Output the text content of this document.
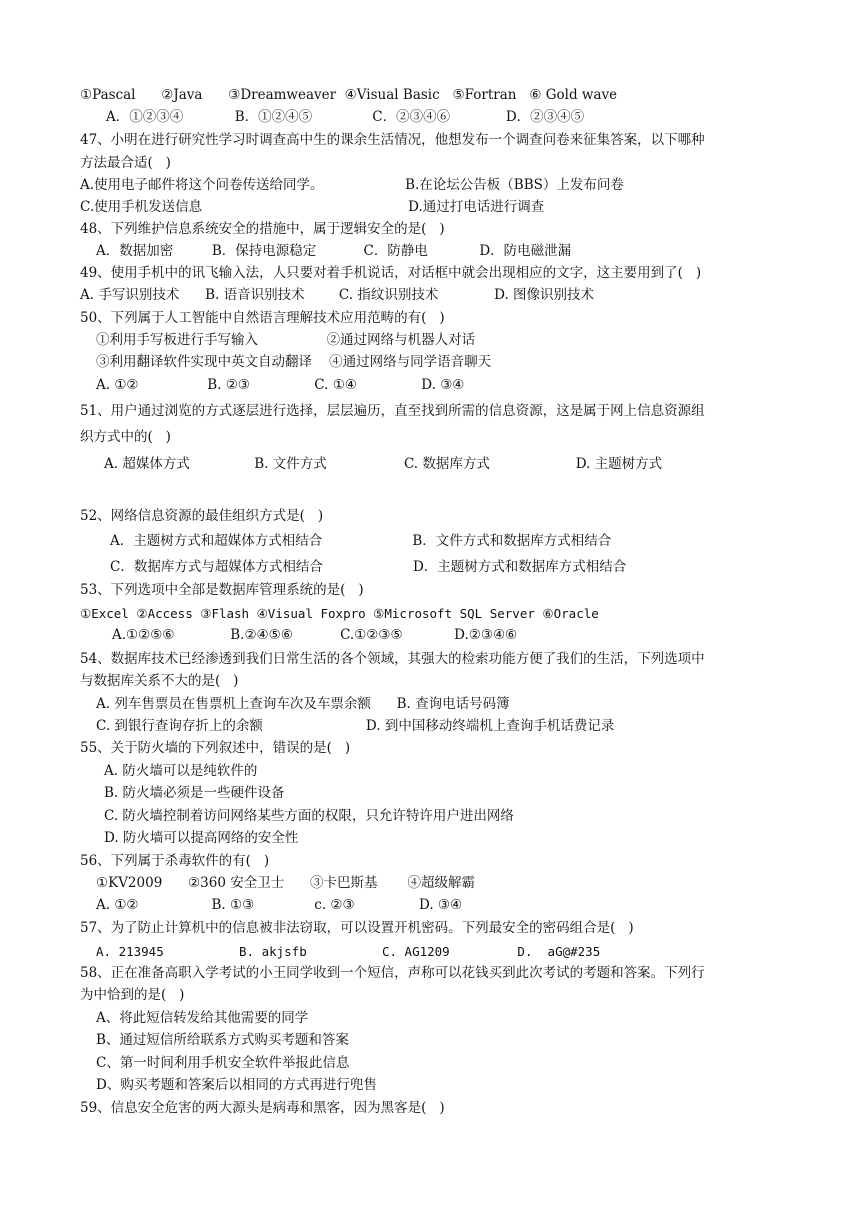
①Pascal      ②Java      ③Dreamweaver  ④Visual Basic   ⑤Fortran   ⑥ Gold wave
A．①②③④            B．①②④⑤              C．②③④⑥             D．②③④⑤
47、小明在进行研究性学习时调查高中生的课余生活情况，他想发布一个调查问卷来征集答案，以下哪种
方法最合适(   )
A.使用电子邮件将这个问卷传送给同学。                   B.在论坛公告板（BBS）上发布问卷
C.使用手机发送信息                                                D.通过打电话进行调查
48、下列维护信息系统安全的措施中，属于逻辑安全的是(   )
A．数据加密         B．保持电源稳定           C．防静电            D．防电磁泄漏
49、使用手机中的讯飞输入法，人只要对着手机说话，对话框中就会出现相应的文字，这主要用到了(   )
A. 手写识别技术      B. 语音识别技术        C. 指纹识别技术             D. 图像识别技术
50、下列属于人工智能中自然语言理解技术应用范畴的有(   )
①利用手写板进行手写输入                ②通过网络与机器人对话
③利用翻译软件实现中英文自动翻译    ④通过网络与同学语音聊天
A. ①②                B. ②③               C. ①④               D. ③④
51、用户通过浏览的方式逐层进行选择，层层遍历，直至找到所需的信息资源，这是属于网上信息资源组
织方式中的(   )
A. 超媒体方式               B. 文件方式                  C. 数据库方式                    D. 主题树方式
52、网络信息资源的最佳组织方式是(   )
A．主题树方式和超媒体方式相结合                     B．文件方式和数据库方式相结合
C．数据库方式与超媒体方式相结合                     D．主题树方式和数据库方式相结合
53、下列选项中全部是数据库管理系统的是(   )
①Excel ②Access ③Flash ④Visual Foxpro ⑤Microsoft SQL Server ⑥Oracle
A.①②⑤⑥             B.②④⑤⑥           C.①②③⑤            D.②③④⑥
54、数据库技术已经渗透到我们日常生活的各个领域，其强大的检索功能方便了我们的生活，下列选项中
与数据库关系不大的是(   )
A. 列车售票员在售票机上查询车次及车票余额      B. 查询电话号码簿
C. 到银行查询存折上的余额                        D. 到中国移动终端机上查询手机话费记录
55、关于防火墙的下列叙述中，错误的是(   )
A. 防火墙可以是纯软件的
B. 防火墙必须是一些硬件设备
C. 防火墙控制着访问网络某些方面的权限，只允许特许用户进出网络
D. 防火墙可以提高网络的安全性
56、下列属于杀毒软件的有(   )
①KV2009      ②360 安全卫士      ③卡巴斯基       ④超级解霸
A. ①②                 B. ①③              c. ②③               D. ③④
57、为了防止计算机中的信息被非法窃取，可以设置开机密码。下列最安全的密码组合是(   )
A. 213945          B. akjsfb          C. AG1209         D.  aG@#235
58、正在准备高职入学考试的小王同学收到一个短信，声称可以花钱买到此次考试的考题和答案。下列行
为中恰到的是(   )
A、将此短信转发给其他需要的同学
B、通过短信所给联系方式购买考题和答案
C、第一时间利用手机安全软件举报此信息
D、购买考题和答案后以相同的方式再进行兜售
59、信息安全危害的两大源头是病毒和黑客，因为黑客是(   )
